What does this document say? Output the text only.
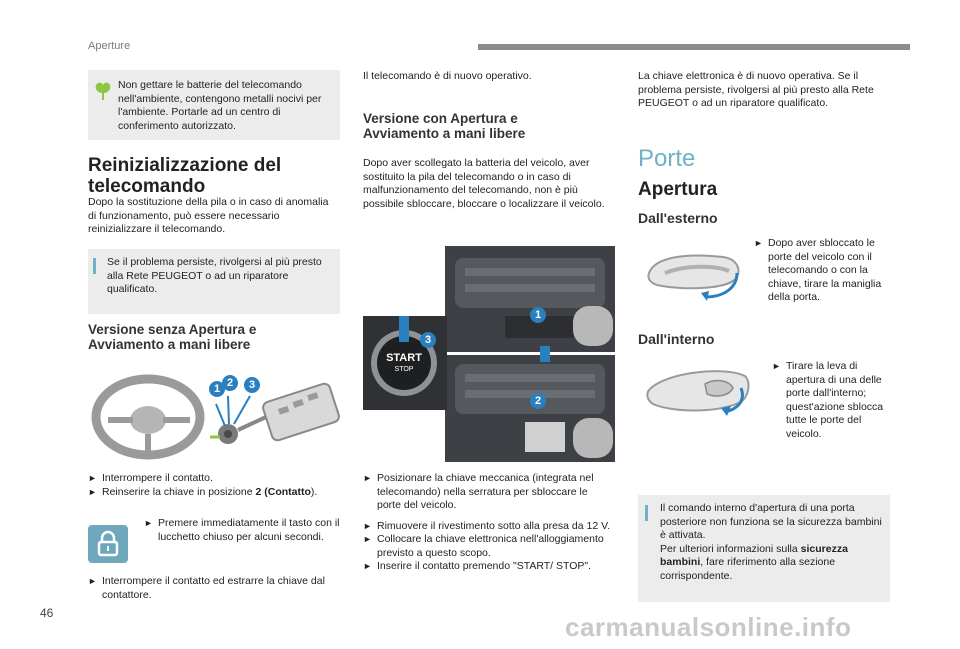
Aperture
Non gettare le batterie del telecomando nell'ambiente, contengono metalli nocivi per l'ambiente. Portarle ad un centro di conferimento autorizzato.
Reinizializzazione del
telecomando
Dopo la sostituzione della pila o in caso di anomalia di funzionamento, può essere necessario reinizializzare il telecomando.
Se il problema persiste, rivolgersi al più presto alla Rete PEUGEOT o ad un riparatore qualificato.
Versione senza Apertura e
Avviamento a mani libere
1 2	3
► Interrompere il contatto.
► Reinserire la chiave in posizione 2 (Contatto).
► Premere immediatamente il tasto con il lucchetto chiuso per alcuni secondi.
► Interrompere il contatto ed estrarre la chiave dal contattore.
Il telecomando è di nuovo operativo.
Versione con Apertura e
Avviamento a mani libere
Dopo aver scollegato la batteria del veicolo, aver sostituito la pila del telecomando o in caso di malfunzionamento del telecomando, non è più possibile sbloccare, bloccare o localizzare il veicolo.
START
STOP
3
1
2
► Posizionare la chiave meccanica (integrata nel telecomando) nella serratura per sbloccare le porte del veicolo.
► Rimuovere il rivestimento sotto alla presa da 12 V.
► Collocare la chiave elettronica nell'alloggiamento previsto a questo scopo.
► Inserire il contatto premendo "START/ STOP".
La chiave elettronica è di nuovo operativa. Se il problema persiste, rivolgersi al più presto alla Rete PEUGEOT o ad un riparatore qualificato.
Porte
Apertura
Dall'esterno
► Dopo aver sbloccato le porte del veicolo con il telecomando o con la chiave, tirare la maniglia della porta.
Dall'interno
► Tirare la leva di apertura di una delle porte dall'interno; quest'azione sblocca tutte le porte del veicolo.
Il comando interno d'apertura di una porta posteriore non funziona se la sicurezza bambini è attivata.
Per ulteriori informazioni sulla sicurezza bambini, fare riferimento alla sezione corrispondente.
46	carmanualsonline.info
